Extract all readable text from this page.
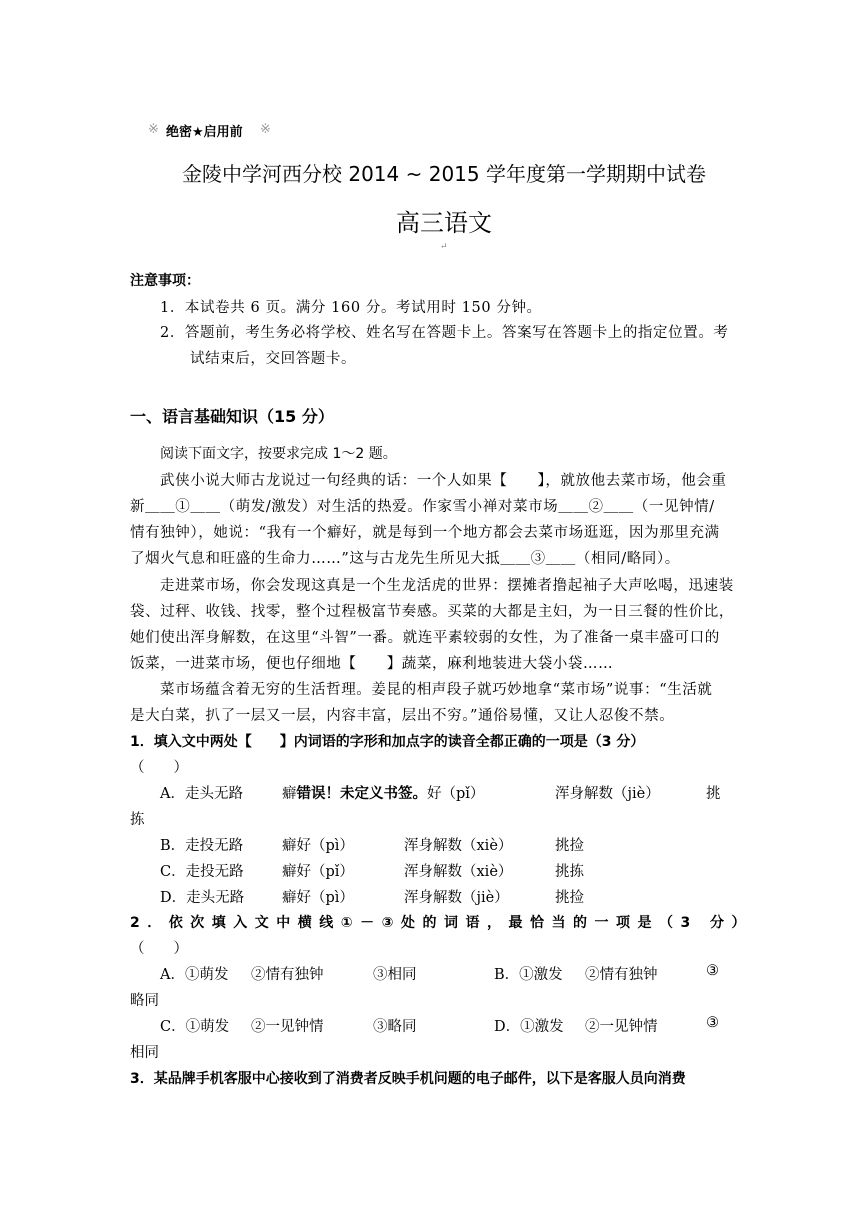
※ 绝密★启用前 ※
金陵中学河西分校 2014 ~ 2015 学年度第一学期期中试卷
高三语文
↵
注意事项：
1．本试卷共 6 页。满分 160 分。考试用时 150 分钟。
2．答题前，考生务必将学校、姓名写在答题卡上。答案写在答题卡上的指定位置。考
试结束后，交回答题卡。
一、语言基础知识（15 分）
阅读下面文字，按要求完成 1～2 题。
武侠小说大师古龙说过一句经典的话：一个人如果【　　】，就放他去菜市场，他会重
新＿＿①＿＿（萌发/激发）对生活的热爱。作家雪小禅对菜市场＿＿②＿＿（一见钟情/
情有独钟），她说：“我有一个癖好，就是每到一个地方都会去菜市场逛逛，因为那里充满
了烟火气息和旺盛的生命力……”这与古龙先生所见大抵＿＿③＿＿（相同/略同）。
走进菜市场，你会发现这真是一个生龙活虎的世界：摆摊者撸起袖子大声吆喝，迅速装
袋、过秤、收钱、找零，整个过程极富节奏感。买菜的大都是主妇，为一日三餐的性价比，
她们使出浑身解数，在这里“斗智”一番。就连平素较弱的女性，为了准备一桌丰盛可口的
饭菜，一进菜市场，便也仔细地【　　】蔬菜，麻利地装进大袋小袋……
菜市场蕴含着无穷的生活哲理。姜昆的相声段子就巧妙地拿“菜市场”说事：“生活就
是大白菜，扒了一层又一层，内容丰富，层出不穷。”通俗易懂，又让人忍俊不禁。
1．填入文中两处【　　】内词语的字形和加点字的读音全都正确的一项是（3 分）
（　　）
A．走头无路	癖错误！未定义书签。好（pǐ）	浑身解数（jiè）	挑
拣
B．走投无路	癖好（pì）	浑身解数（xiè）	挑捡
C．走投无路	癖好（pǐ）	浑身解数（xiè）	挑拣
D．走头无路	癖好（pì）	浑身解数（jiè）	挑捡
2．依次填入文中横线①－③处的词语，最恰当的一项是（3 分）
（　　）
A．①萌发 ②情有独钟	③相同	B．①激发 ②情有独钟	③
略同
C．①萌发 ②一见钟情	③略同	D．①激发 ②一见钟情	③
相同
3．某品牌手机客服中心接收到了消费者反映手机问题的电子邮件，以下是客服人员向消费
